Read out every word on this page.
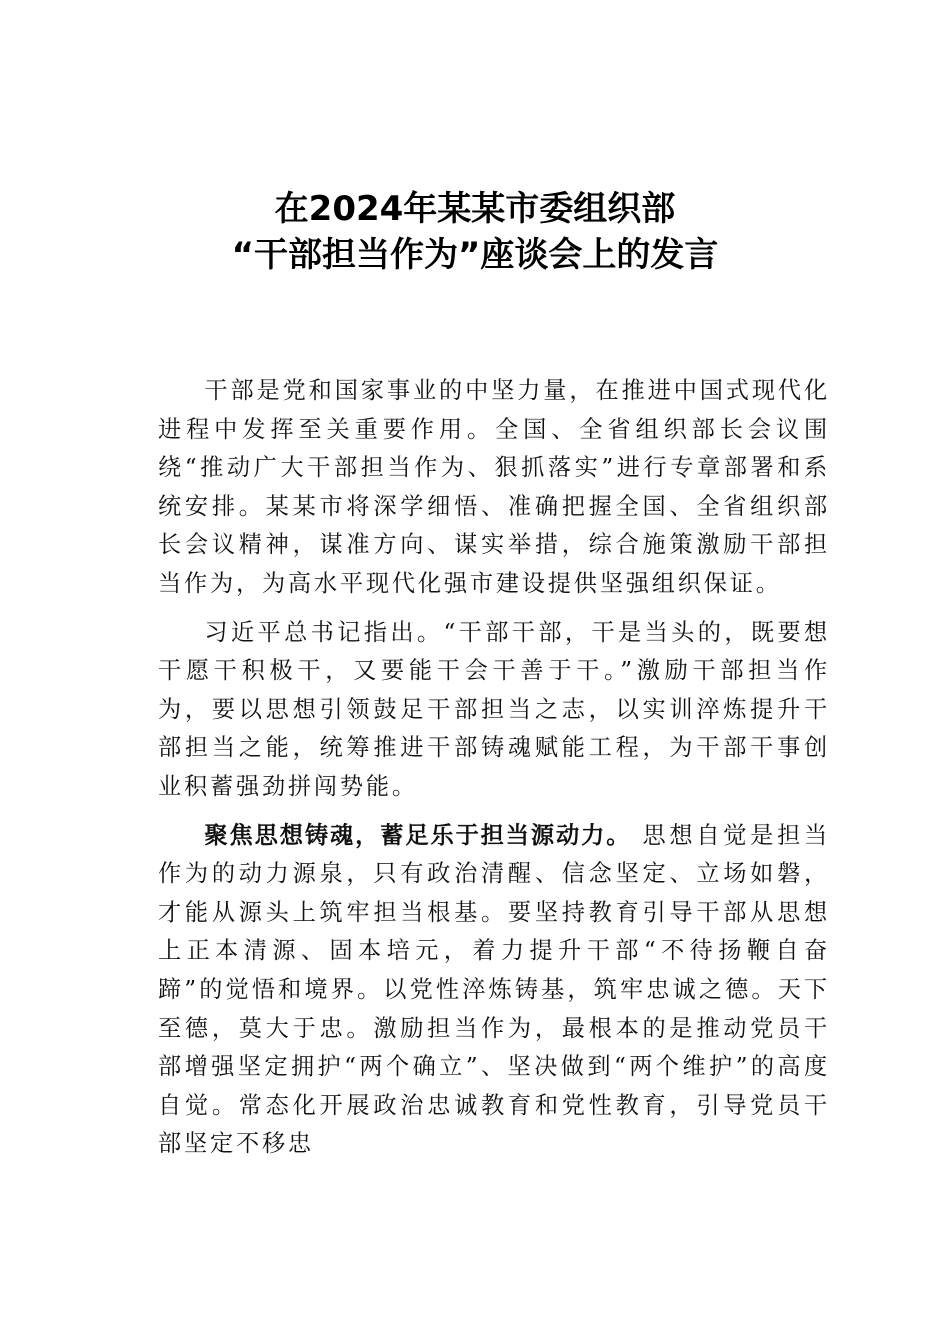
在2024年某某市委组织部
“干部担当作为”座谈会上的发言

干部是党和国家事业的中坚力量，在推进中国式现代化进程中发挥至关重要作用。全国、全省组织部长会议围绕“推动广大干部担当作为、狠抓落实”进行专章部署和系统安排。某某市将深学细悟、准确把握全国、全省组织部长会议精神，谋准方向、谋实举措，综合施策激励干部担当作为，为高水平现代化强市建设提供坚强组织保证。

习近平总书记指出。“干部干部，干是当头的，既要想干愿干积极干，又要能干会干善于干。”激励干部担当作为，要以思想引领鼓足干部担当之志，以实训淬炼提升干部担当之能，统筹推进干部铸魂赋能工程，为干部干事创业积蓄强劲拼闯势能。

聚焦思想铸魂，蓄足乐于担当源动力。 思想自觉是担当作为的动力源泉，只有政治清醒、信念坚定、立场如磐，才能从源头上筑牢担当根基。要坚持教育引导干部从思想上正本清源、固本培元，着力提升干部“不待扬鞭自奋蹄”的觉悟和境界。以党性淬炼铸基，筑牢忠诚之德。天下至德，莫大于忠。激励担当作为，最根本的是推动党员干部增强坚定拥护“两个确立”、坚决做到“两个维护”的高度自觉。常态化开展政治忠诚教育和党性教育，引导党员干部坚定不移忠
